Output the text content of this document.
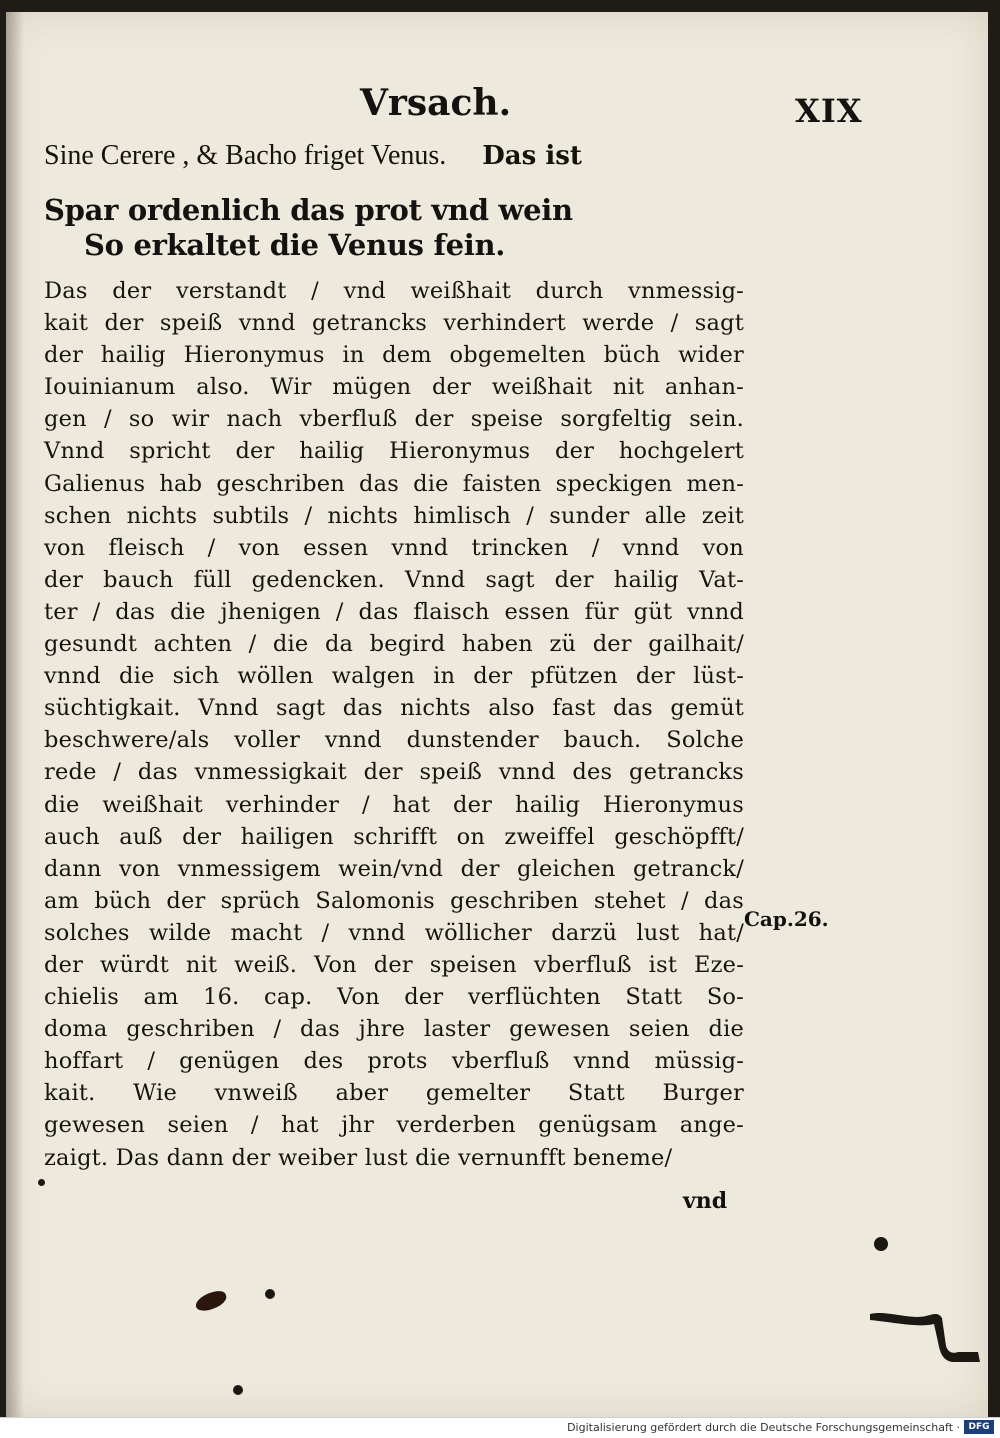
Vrsach.	XIX
Sine Cerere , & Bacho friget Venus. Das ist
Spar ordenlich das prot vnd wein
So erkaltet die Venus fein.
Das der verstandt / vnd weißhait durch vnmessig-
kait der speiß vnnd getrancks verhindert werde / sagt
der hailig Hieronymus in dem obgemelten büch wider
Iouinianum also. Wir mügen der weißhait nit anhan-
gen / so wir nach vberfluß der speise sorgfeltig sein.
Vnnd spricht der hailig Hieronymus der hochgelert
Galienus hab geschriben das die faisten speckigen men-
schen nichts subtils / nichts himlisch / sunder alle zeit
von fleisch / von essen vnnd trincken / vnnd von
der bauch füll gedencken. Vnnd sagt der hailig Vat-
ter / das die jhenigen / das flaisch essen für güt vnnd
gesundt achten / die da begird haben zü der gailhait/
vnnd die sich wöllen walgen in der pfützen der lüst-
süchtigkait. Vnnd sagt das nichts also fast das gemüt
beschwere/als voller vnnd dunstender bauch. Solche
rede / das vnmessigkait der speiß vnnd des getrancks
die weißhait verhinder / hat der hailig Hieronymus
auch auß der hailigen schrifft on zweiffel geschöpfft/
dann von vnmessigem wein/vnd der gleichen getranck/
am büch der sprüch Salomonis geschriben stehet / das
solches wilde macht / vnnd wöllicher darzü lust hat/
der würdt nit weiß. Von der speisen vberfluß ist Eze-
chielis am 16. cap. Von der verflüchten Statt So-
doma geschriben / das jhre laster gewesen seien die
hoffart / genügen des prots vberfluß vnnd müssig-
kait. Wie vnweiß aber gemelter Statt Burger
gewesen seien / hat jhr verderben genügsam ange-
zaigt. Das dann der weiber lust die vernunfft beneme/
Cap.26.
vnd
Digitalisierung gefördert durch die Deutsche Forschungsgemeinschaft · DFG
